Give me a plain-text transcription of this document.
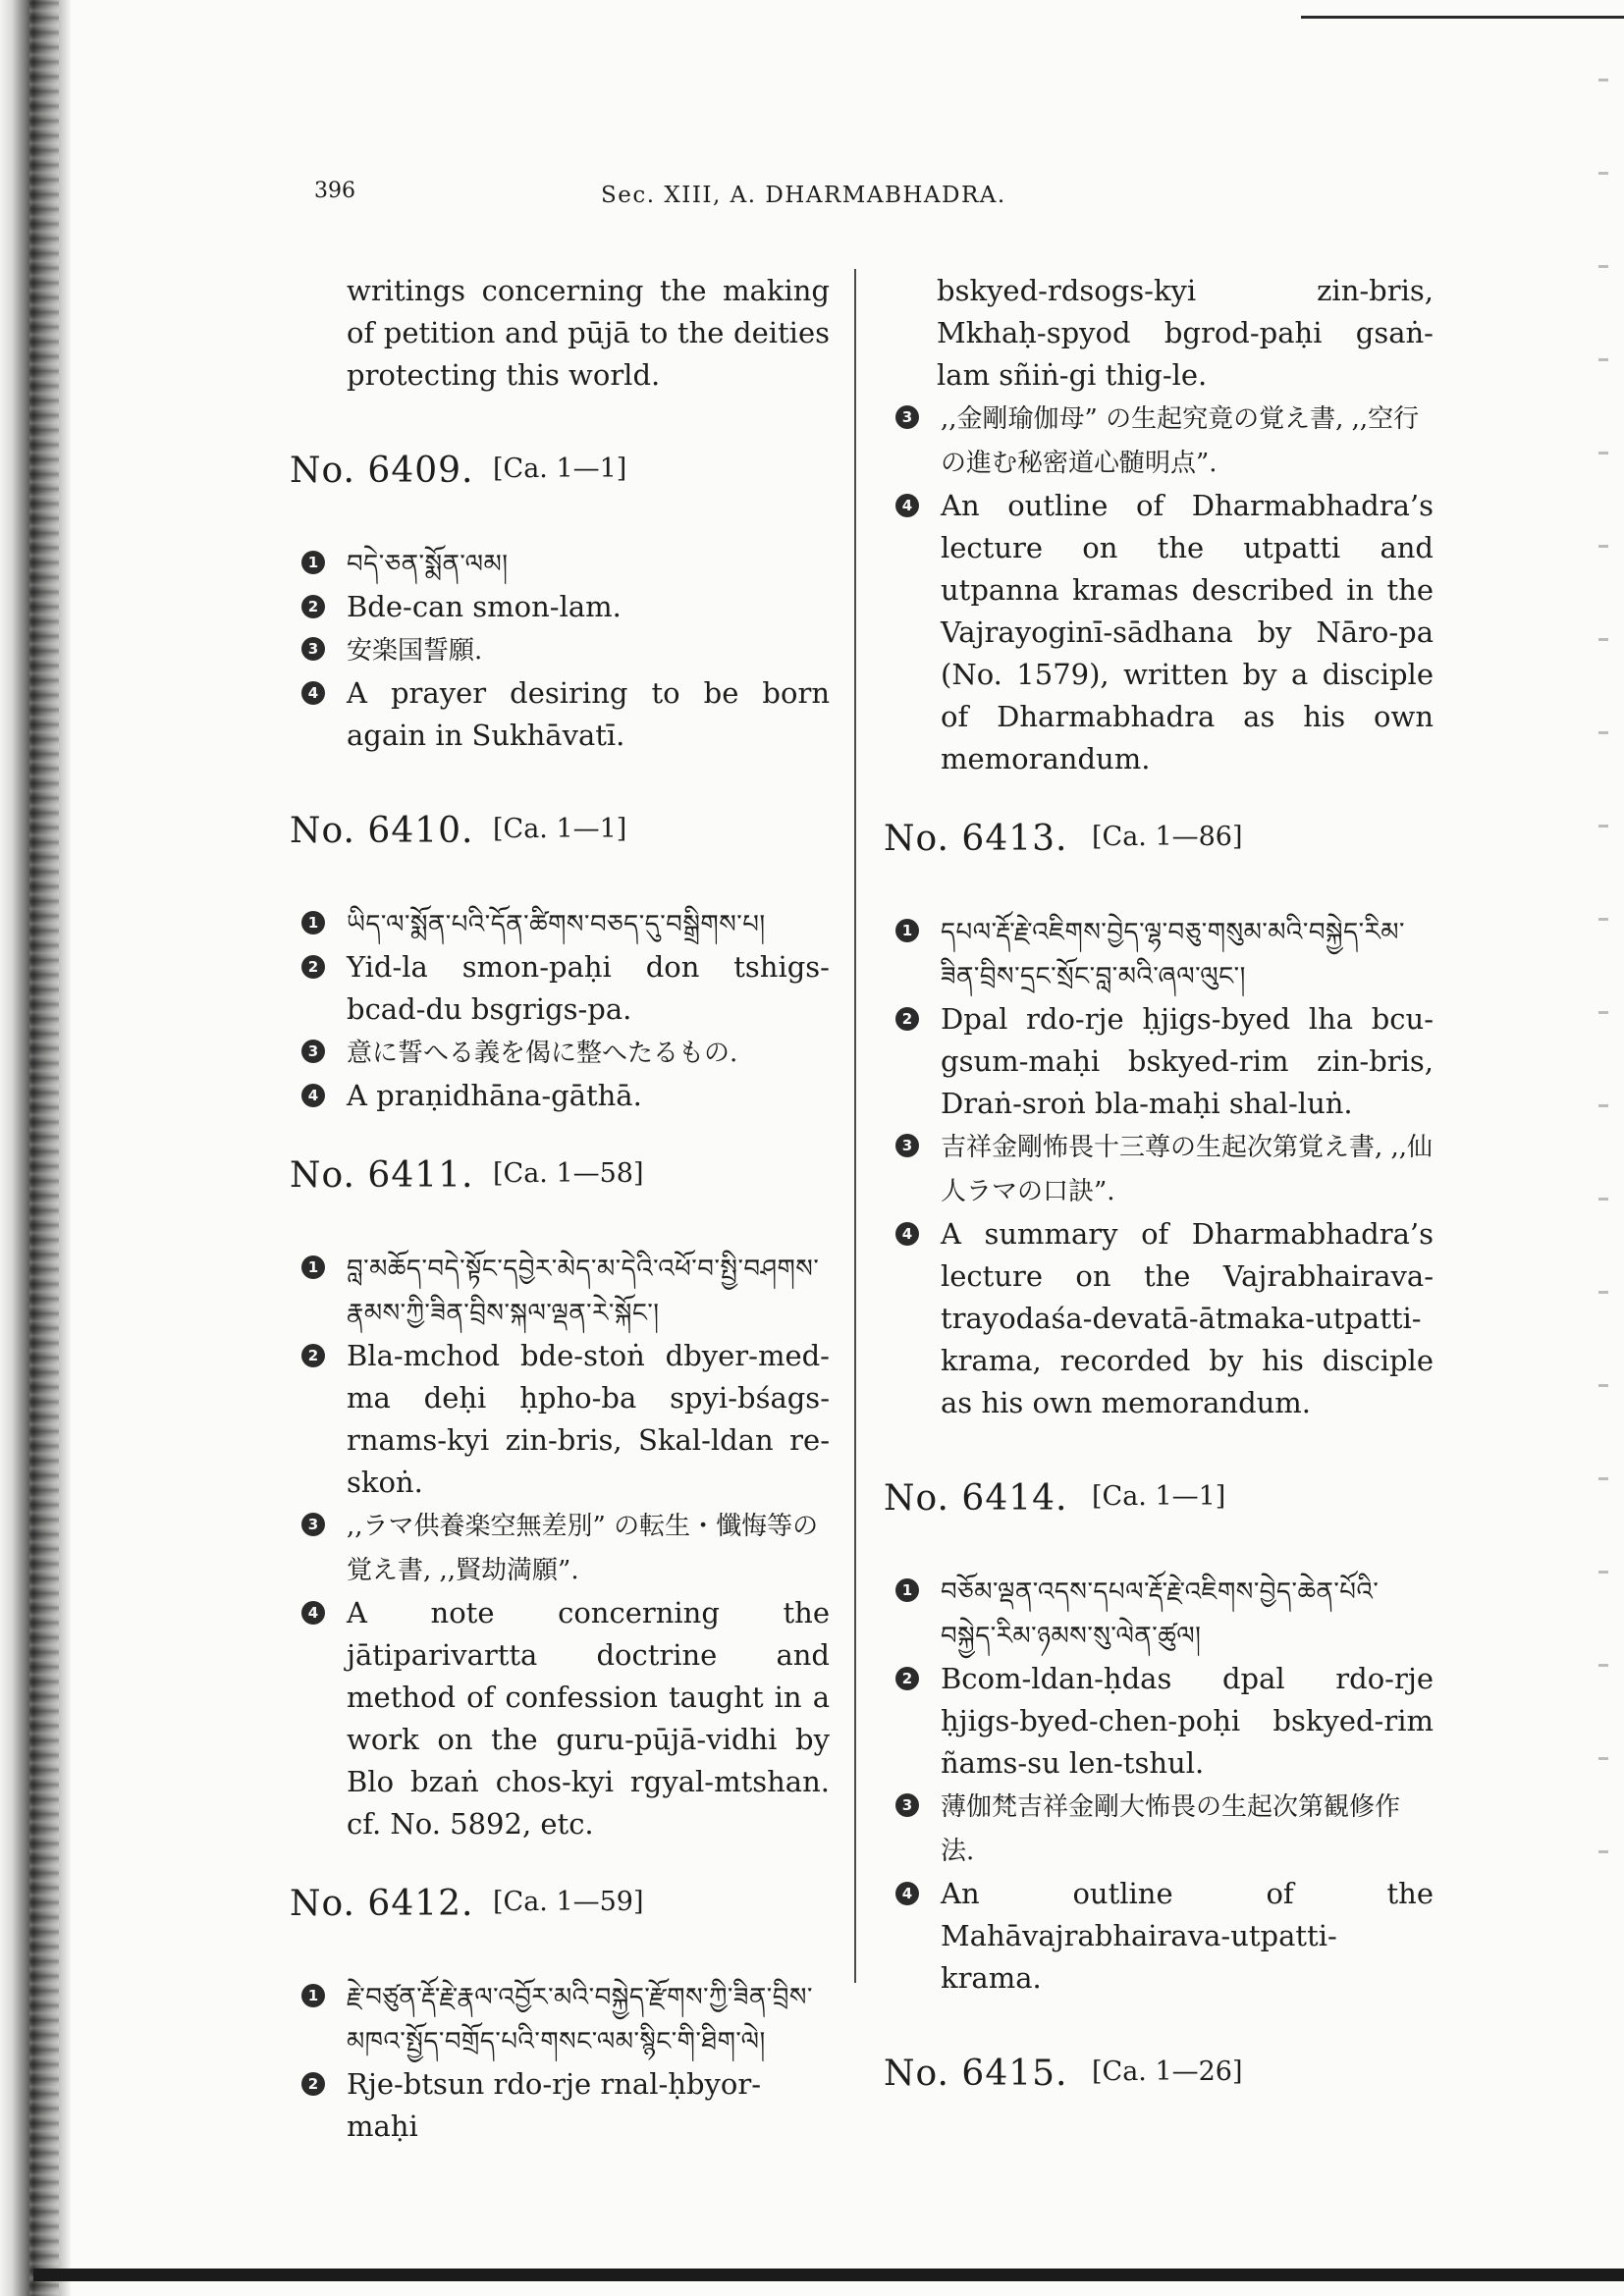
396	Sec. XIII, A. DHARMABHADRA.

writings concerning the making of petition and pūjā to the deities protecting this world.

No. 6409. [Ca. 1—1]
1 བདེ་ཅན་སྨོན་ལམ།
2 Bde-can smon-lam.
3 安楽国誓願.
4 A prayer desiring to be born again in Sukhāvatī.
No. 6410. [Ca. 1—1]
1 ཡིད་ལ་སྨོན་པའི་དོན་ཚིགས་བཅད་དུ་བསྒྲིགས་པ།
2 Yid-la smon-paḥi don tshigs-bcad-du bsgrigs-pa.
3 意に誓へる義を偈に整へたるもの.
4 A praṇidhāna-gāthā.
No. 6411. [Ca. 1—58]
1 བླ་མཆོད་བདེ་སྟོང་དབྱེར་མེད་མ་དེའི་འཕོ་བ་སྤྱི་བཤགས་རྣམས་ཀྱི་ཟིན་བྲིས་སྐལ་ལྡན་རེ་སྐོང་།
2 Bla-mchod bde-stoṅ dbyer-med-ma deḥi ḥpho-ba spyi-bśags-rnams-kyi zin-bris, Skal-ldan re-skoṅ.
3 ,,ラマ供養楽空無差別” の転生・懺悔等の覚え書, ,,賢劫満願”.
4 A note concerning the jātiparivartta doctrine and method of confession taught in a work on the guru-pūjā-vidhi by Blo bzaṅ chos-kyi rgyal-mtshan. cf. No. 5892, etc.
No. 6412. [Ca. 1—59]
1 རྗེ་བཙུན་རྡོ་རྗེ་རྣལ་འབྱོར་མའི་བསྐྱེད་རྫོགས་ཀྱི་ཟིན་བྲིས་མཁའ་སྤྱོད་བགྲོད་པའི་གསང་ལམ་སྙིང་གི་ཐིག་ལེ།
2 Rje-btsun rdo-rje rnal-ḥbyor-maḥi

bskyed-rdsogs-kyi zin-bris, Mkhaḥ-spyod bgrod-paḥi gsaṅ-lam sñiṅ-gi thig-le.

3 ,,金剛瑜伽母” の生起究竟の覚え書, ,,空行の進む秘密道心髄明点”.
4 An outline of Dharmabhadra’s lecture on the utpatti and utpanna kramas described in the Vajrayoginī-sādhana by Nāro-pa (No. 1579), written by a disciple of Dharmabhadra as his own memorandum.
No. 6413. [Ca. 1—86]
1 དཔལ་རྡོ་རྗེ་འཇིགས་བྱེད་ལྷ་བཅུ་གསུམ་མའི་བསྐྱེད་རིམ་ཟིན་བྲིས་དྲང་སྲོང་བླ་མའི་ཞལ་ལུང་།
2 Dpal rdo-rje ḥjigs-byed lha bcu-gsum-maḥi bskyed-rim zin-bris, Draṅ-sroṅ bla-maḥi shal-luṅ.
3 吉祥金剛怖畏十三尊の生起次第覚え書, ,,仙人ラマの口訣”.
4 A summary of Dharmabhadra’s lecture on the Vajrabhairava-trayodaśa-devatā-ātmaka-utpatti-krama, recorded by his disciple as his own memorandum.
No. 6414. [Ca. 1—1]
1 བཅོམ་ལྡན་འདས་དཔལ་རྡོ་རྗེ་འཇིགས་བྱེད་ཆེན་པོའི་བསྐྱེད་རིམ་ཉམས་སུ་ལེན་ཚུལ།
2 Bcom-ldan-ḥdas dpal rdo-rje ḥjigs-byed-chen-poḥi bskyed-rim ñams-su len-tshul.
3 薄伽梵吉祥金剛大怖畏の生起次第観修作法.
4 An outline of the Mahāvajrabhairava-utpatti-krama.
No. 6415. [Ca. 1—26]
